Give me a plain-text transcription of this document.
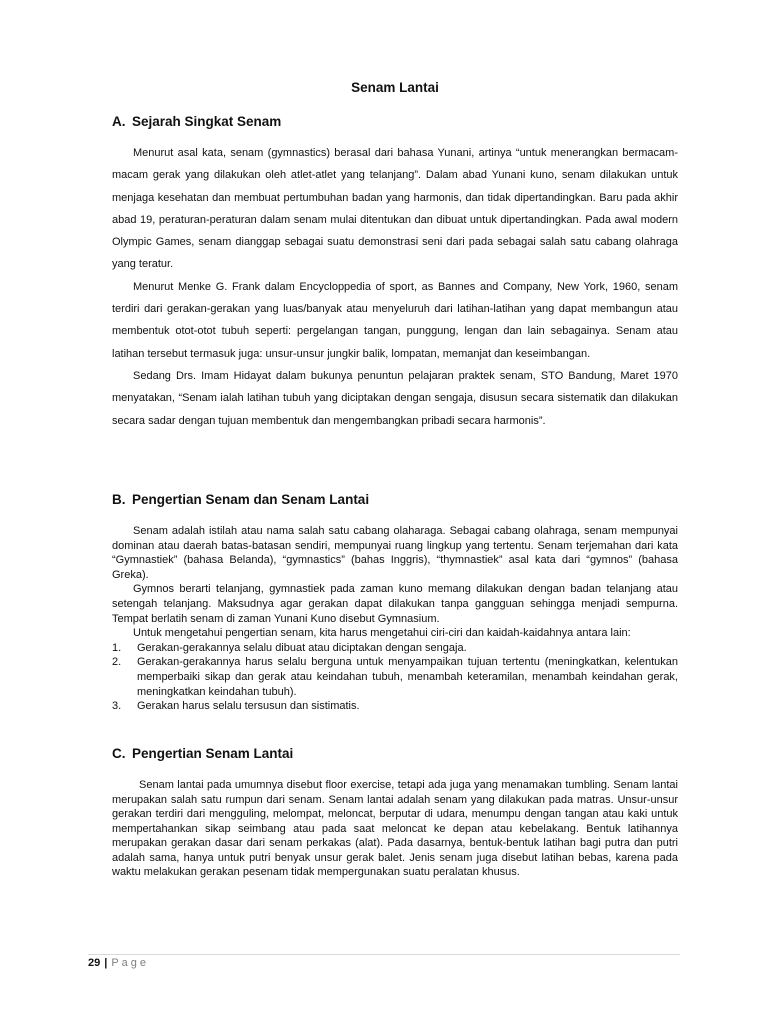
Senam Lantai
A. Sejarah Singkat Senam

Menurut asal kata, senam (gymnastics) berasal dari bahasa Yunani, artinya “untuk menerangkan bermacam-macam gerak yang dilakukan oleh atlet-atlet yang telanjang”. Dalam abad Yunani kuno, senam dilakukan untuk menjaga kesehatan dan membuat pertumbuhan badan yang harmonis, dan tidak dipertandingkan. Baru pada akhir abad 19, peraturan-peraturan dalam senam mulai ditentukan dan dibuat untuk dipertandingkan. Pada awal modern Olympic Games, senam dianggap sebagai suatu demonstrasi seni dari pada sebagai salah satu cabang olahraga yang teratur.

Menurut Menke G. Frank dalam Encycloppedia of sport, as Bannes and Company, New York, 1960, senam terdiri dari gerakan-gerakan yang luas/banyak atau menyeluruh dari latihan-latihan yang dapat membangun atau membentuk otot-otot tubuh seperti: pergelangan tangan, punggung, lengan dan lain sebagainya. Senam atau latihan tersebut termasuk juga: unsur-unsur jungkir balik, lompatan, memanjat dan keseimbangan.

Sedang Drs. Imam Hidayat dalam bukunya penuntun pelajaran praktek senam, STO Bandung, Maret 1970 menyatakan, “Senam ialah latihan tubuh yang diciptakan dengan sengaja, disusun secara sistematik dan dilakukan secara sadar dengan tujuan membentuk dan mengembangkan pribadi secara harmonis”.

B. Pengertian Senam dan Senam Lantai

Senam adalah istilah atau nama salah satu cabang olaharaga. Sebagai cabang olahraga, senam mempunyai dominan atau daerah batas-batasan sendiri, mempunyai ruang lingkup yang tertentu. Senam terjemahan dari kata “Gymnastiek” (bahasa Belanda), “gymnastics” (bahas Inggris), “thymnastiek” asal kata dari “gymnos” (bahasa Greka).

Gymnos berarti telanjang, gymnastiek pada zaman kuno memang dilakukan dengan badan telanjang atau setengah telanjang. Maksudnya agar gerakan dapat dilakukan tanpa gangguan sehingga menjadi sempurna. Tempat berlatih senam di zaman Yunani Kuno disebut Gymnasium.

Untuk mengetahui pengertian senam, kita harus mengetahui ciri-ciri dan kaidah-kaidahnya antara lain:

1. Gerakan-gerakannya selalu dibuat atau diciptakan dengan sengaja.
2. Gerakan-gerakannya harus selalu berguna untuk menyampaikan tujuan tertentu (meningkatkan, kelentukan memperbaiki sikap dan gerak atau keindahan tubuh, menambah keteramilan, menambah keindahan gerak, meningkatkan keindahan tubuh).
3. Gerakan harus selalu tersusun dan sistimatis.
C. Pengertian Senam Lantai

Senam lantai pada umumnya disebut floor exercise, tetapi ada juga yang menamakan tumbling. Senam lantai merupakan salah satu rumpun dari senam. Senam lantai adalah senam yang dilakukan pada matras. Unsur-unsur gerakan terdiri dari mengguling, melompat, meloncat, berputar di udara, menumpu dengan tangan atau kaki untuk mempertahankan sikap seimbang atau pada saat meloncat ke depan atau kebelakang. Bentuk latihannya merupakan gerakan dasar dari senam perkakas (alat). Pada dasarnya, bentuk-bentuk latihan bagi putra dan putri adalah sama, hanya untuk putri benyak unsur gerak balet. Jenis senam juga disebut latihan bebas, karena pada waktu melakukan gerakan pesenam tidak mempergunakan suatu peralatan khusus.

29 | Page
